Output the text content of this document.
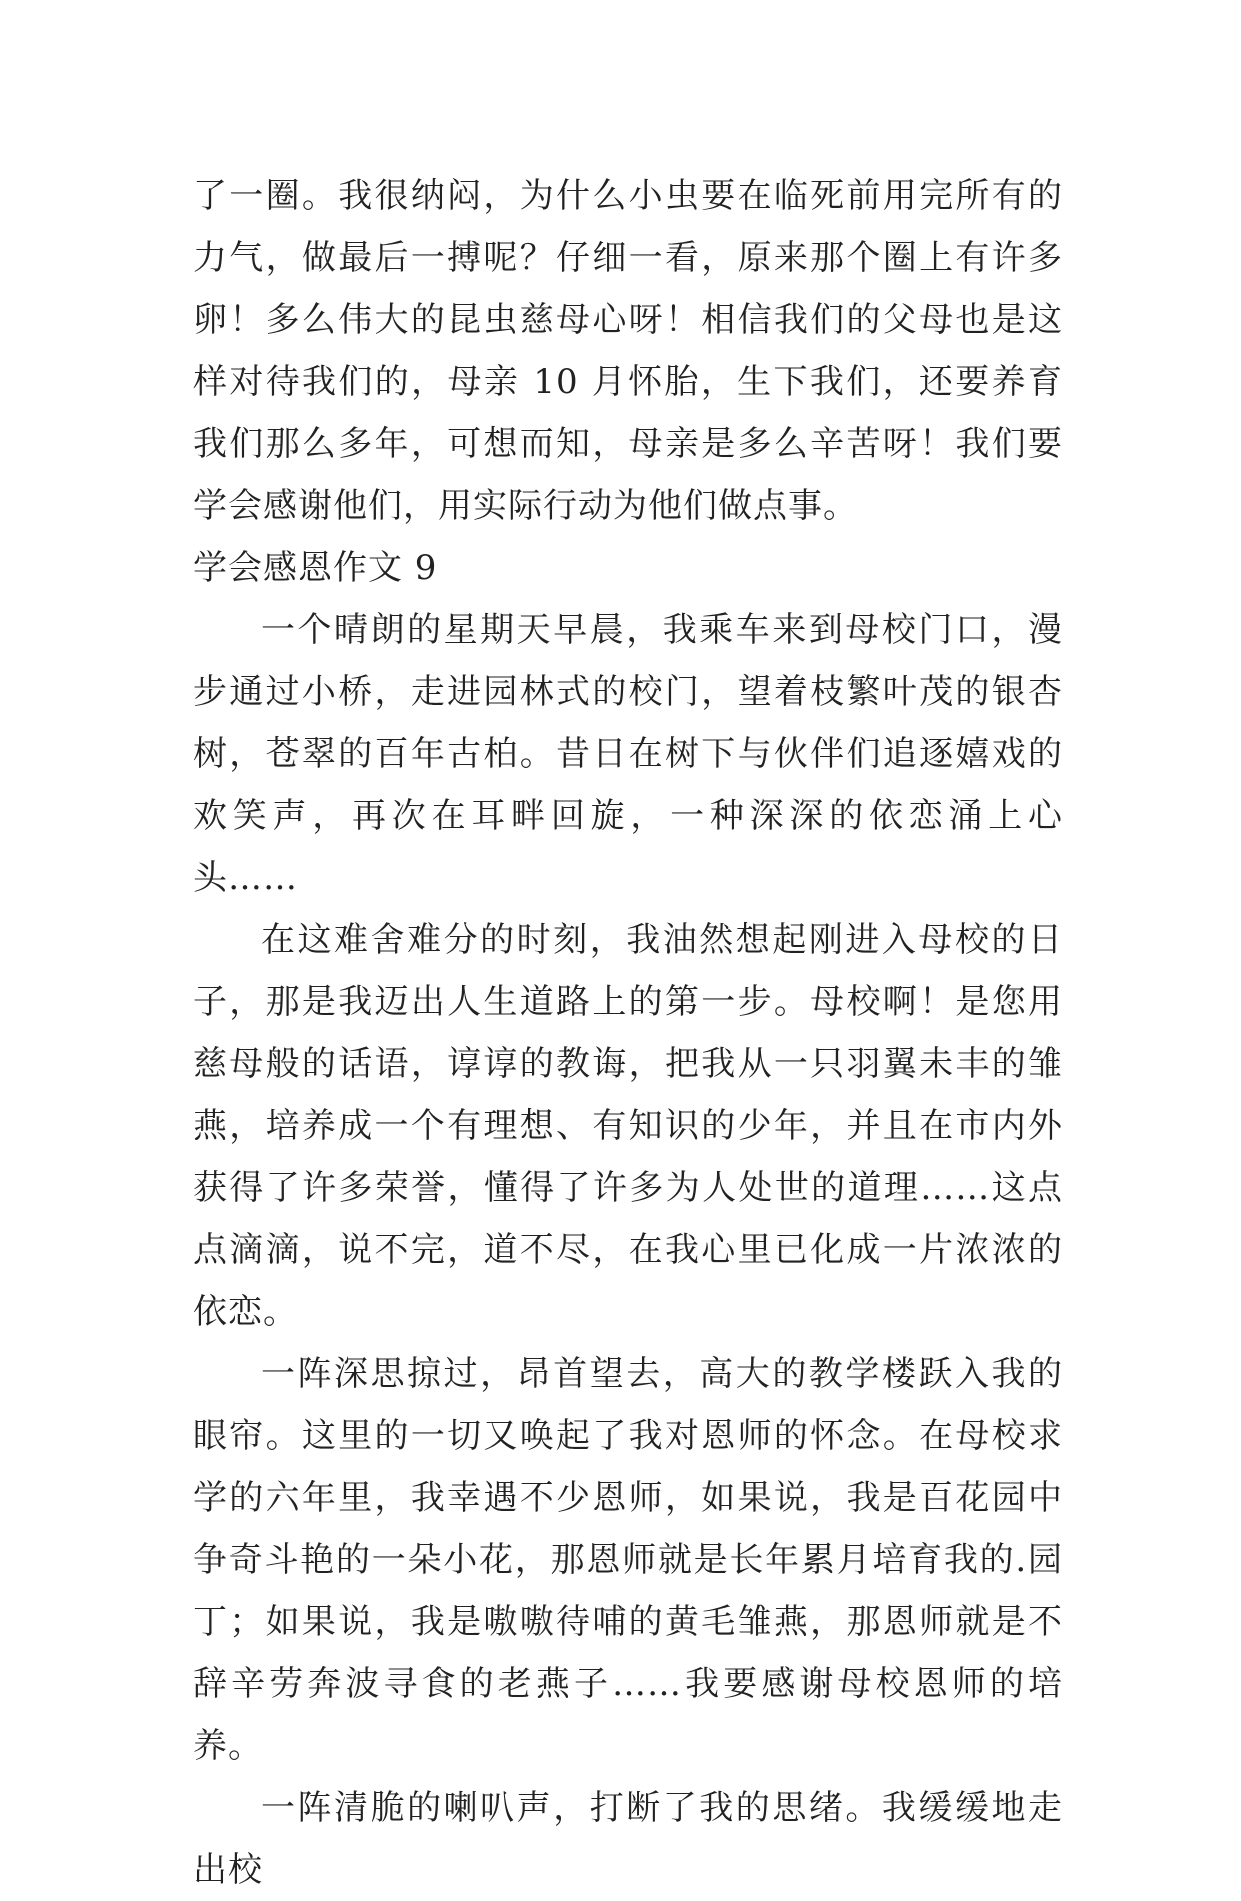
了一圈。我很纳闷，为什么小虫要在临死前用完所有的力气，做最后一搏呢？仔细一看，原来那个圈上有许多卵！多么伟大的昆虫慈母心呀！相信我们的父母也是这样对待我们的，母亲 10 月怀胎，生下我们，还要养育我们那么多年，可想而知，母亲是多么辛苦呀！我们要学会感谢他们，用实际行动为他们做点事。

学会感恩作文 9

一个晴朗的星期天早晨，我乘车来到母校门口，漫步通过小桥，走进园林式的校门，望着枝繁叶茂的银杏树，苍翠的百年古柏。昔日在树下与伙伴们追逐嬉戏的欢笑声，再次在耳畔回旋，一种深深的依恋涌上心头……

在这难舍难分的时刻，我油然想起刚进入母校的日子，那是我迈出人生道路上的第一步。母校啊！是您用慈母般的话语，谆谆的教诲，把我从一只羽翼未丰的雏燕，培养成一个有理想、有知识的少年，并且在市内外获得了许多荣誉，懂得了许多为人处世的道理……这点点滴滴，说不完，道不尽，在我心里已化成一片浓浓的依恋。

一阵深思掠过，昂首望去，高大的教学楼跃入我的眼帘。这里的一切又唤起了我对恩师的怀念。在母校求学的六年里，我幸遇不少恩师，如果说，我是百花园中争奇斗艳的一朵小花，那恩师就是长年累月培育我的.园丁；如果说，我是嗷嗷待哺的黄毛雏燕，那恩师就是不辞辛劳奔波寻食的老燕子……我要感谢母校恩师的培养。

一阵清脆的喇叭声，打断了我的思绪。我缓缓地走出校
